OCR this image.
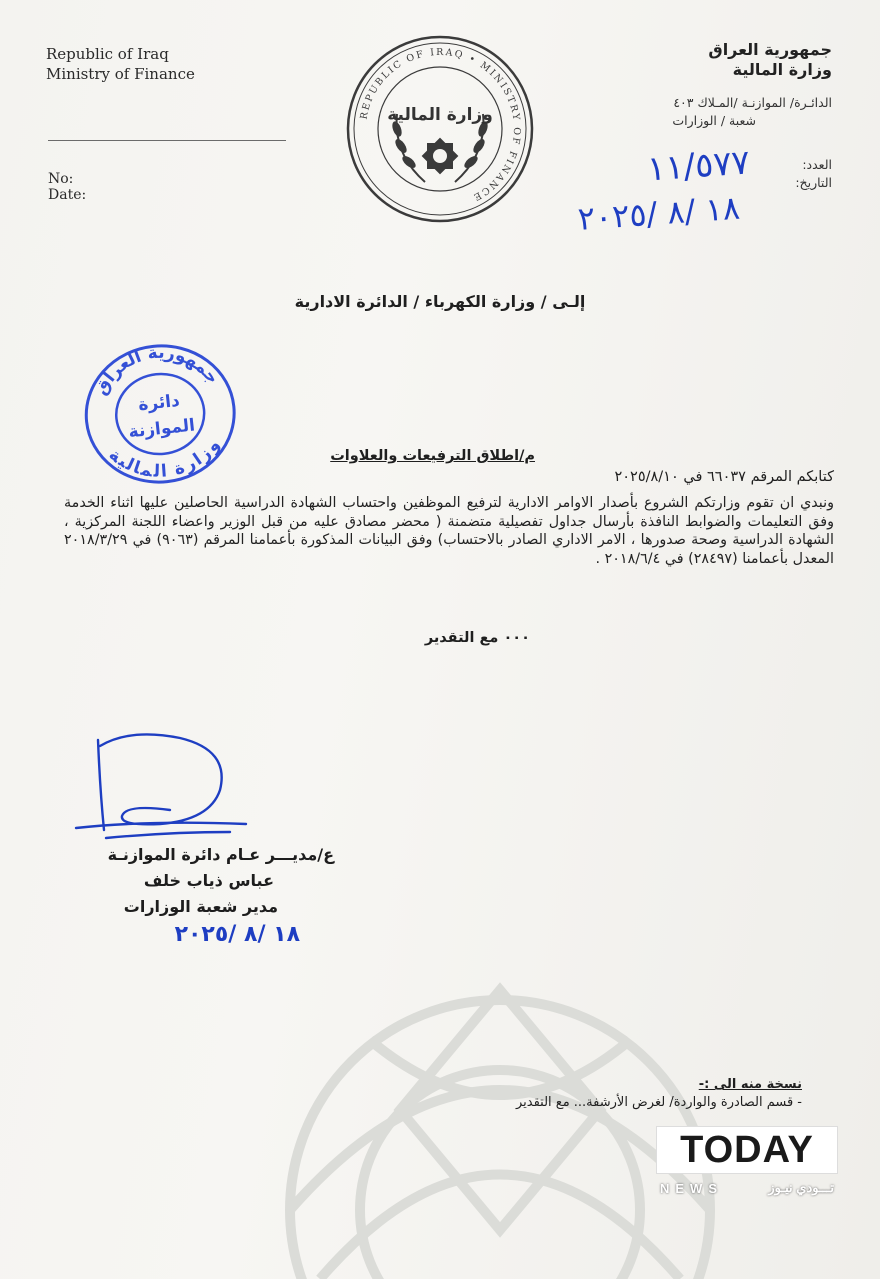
Republic of Iraq
Ministry of Finance
No:
Date:
REPUBLIC OF IRAQ • MINISTRY OF FINANCE
وزارة المالية
جمهورية العراق
وزارة المالية
الدائـرة/ الموازنـة /المـلاك ٤٠٣
شعبة / الوزارات
العدد:
التاريخ:
١١/٥٧٧
١٨ /٨ /٢٠٢٥
إلـى / وزارة الكهرباء / الدائرة الادارية
جمهورية العراق
وزارة المالية
دائرة
الموازنة
م/اطلاق الترفيعات والعلاوات
كتابكم المرقم ٦٦٠٣٧ في ٢٠٢٥/٨/١٠
ونبدي ان تقوم وزارتكم الشروع بأصدار الاوامر الادارية لترفيع الموظفين واحتساب الشهادة الدراسية الحاصلين عليها اثناء الخدمة وفق التعليمات والضوابط النافذة بأرسال جداول تفصيلية متضمنة ( محضر مصادق عليه من قبل الوزير واعضاء اللجنة المركزية ، الشهادة الدراسية وصحة صدورها ، الامر الاداري الصادر بالاحتساب) وفق البيانات المذكورة بأعمامنا المرقم (٩٠٦٣) في ٢٠١٨/٣/٢٩ المعدل بأعمامنا (٢٨٤٩٧) في ٢٠١٨/٦/٤ .
٠٠٠ مع التقدير
ع/مديـــر عـام دائرة الموازنـة
عباس ذياب خلف
مدير شعبة الوزارات
١٨ /٨ /٢٠٢٥
نسخة منه الى :-
- قسم الصادرة والواردة/ لغرض الأرشفة... مع التقدير
TODAY
NEWS	تـــودي نيـوز
